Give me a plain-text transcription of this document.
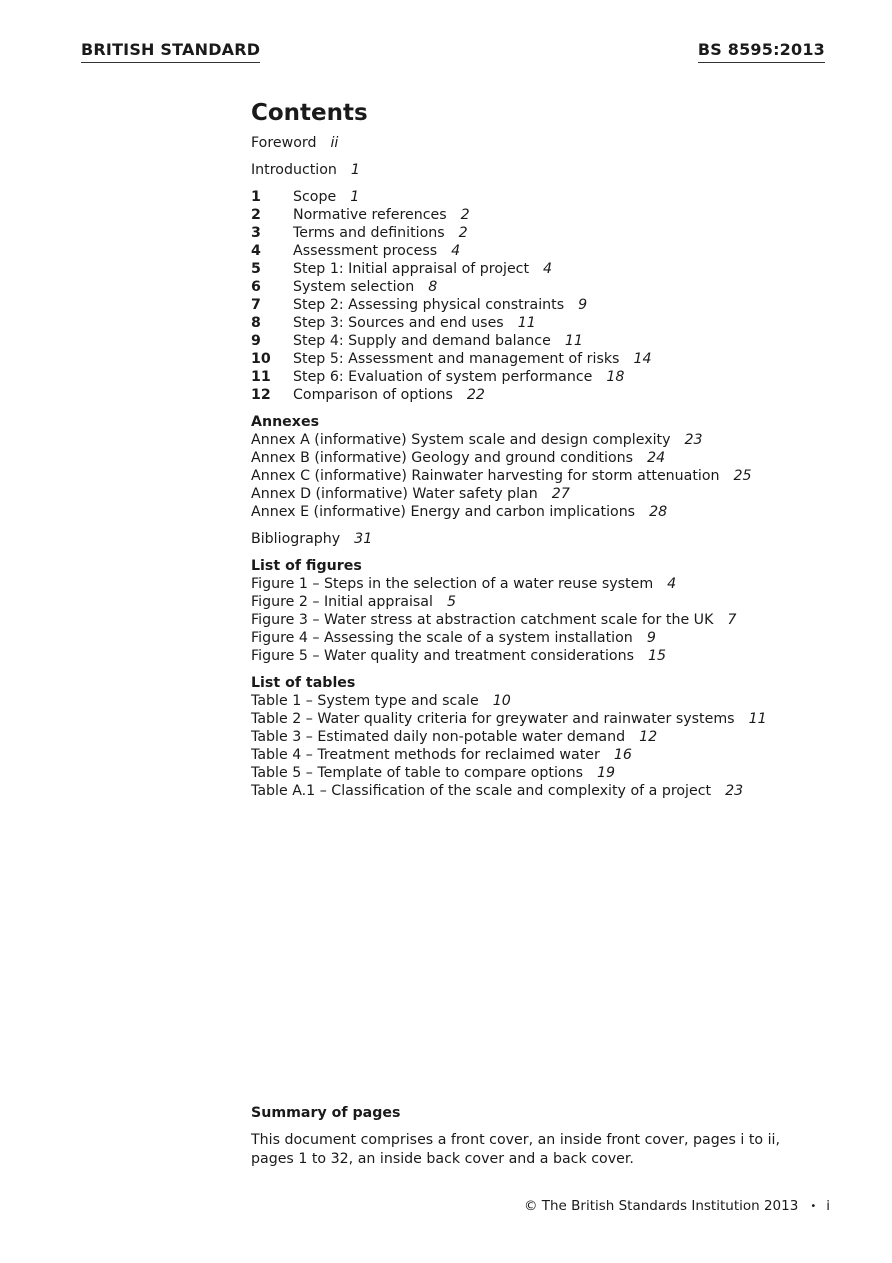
BRITISH STANDARD	BS 8595:2013
Contents
Foreword ii
Introduction 1
1	Scope 1
2	Normative references 2
3	Terms and definitions 2
4	Assessment process 4
5	Step 1: Initial appraisal of project 4
6	System selection 8
7	Step 2: Assessing physical constraints 9
8	Step 3: Sources and end uses 11
9	Step 4: Supply and demand balance 11
10	Step 5: Assessment and management of risks 14
11	Step 6: Evaluation of system performance 18
12	Comparison of options 22
Annexes
Annex A (informative) System scale and design complexity 23
Annex B (informative) Geology and ground conditions 24
Annex C (informative) Rainwater harvesting for storm attenuation 25
Annex D (informative) Water safety plan 27
Annex E (informative) Energy and carbon implications 28
Bibliography 31
List of figures
Figure 1 – Steps in the selection of a water reuse system 4
Figure 2 – Initial appraisal 5
Figure 3 – Water stress at abstraction catchment scale for the UK 7
Figure 4 – Assessing the scale of a system installation 9
Figure 5 – Water quality and treatment considerations 15
List of tables
Table 1 – System type and scale 10
Table 2 – Water quality criteria for greywater and rainwater systems 11
Table 3 – Estimated daily non-potable water demand 12
Table 4 – Treatment methods for reclaimed water 16
Table 5 – Template of table to compare options 19
Table A.1 – Classification of the scale and complexity of a project 23
Summary of pages
This document comprises a front cover, an inside front cover, pages i to ii, pages 1 to 32, an inside back cover and a back cover.
© The British Standards Institution 2013 • i
